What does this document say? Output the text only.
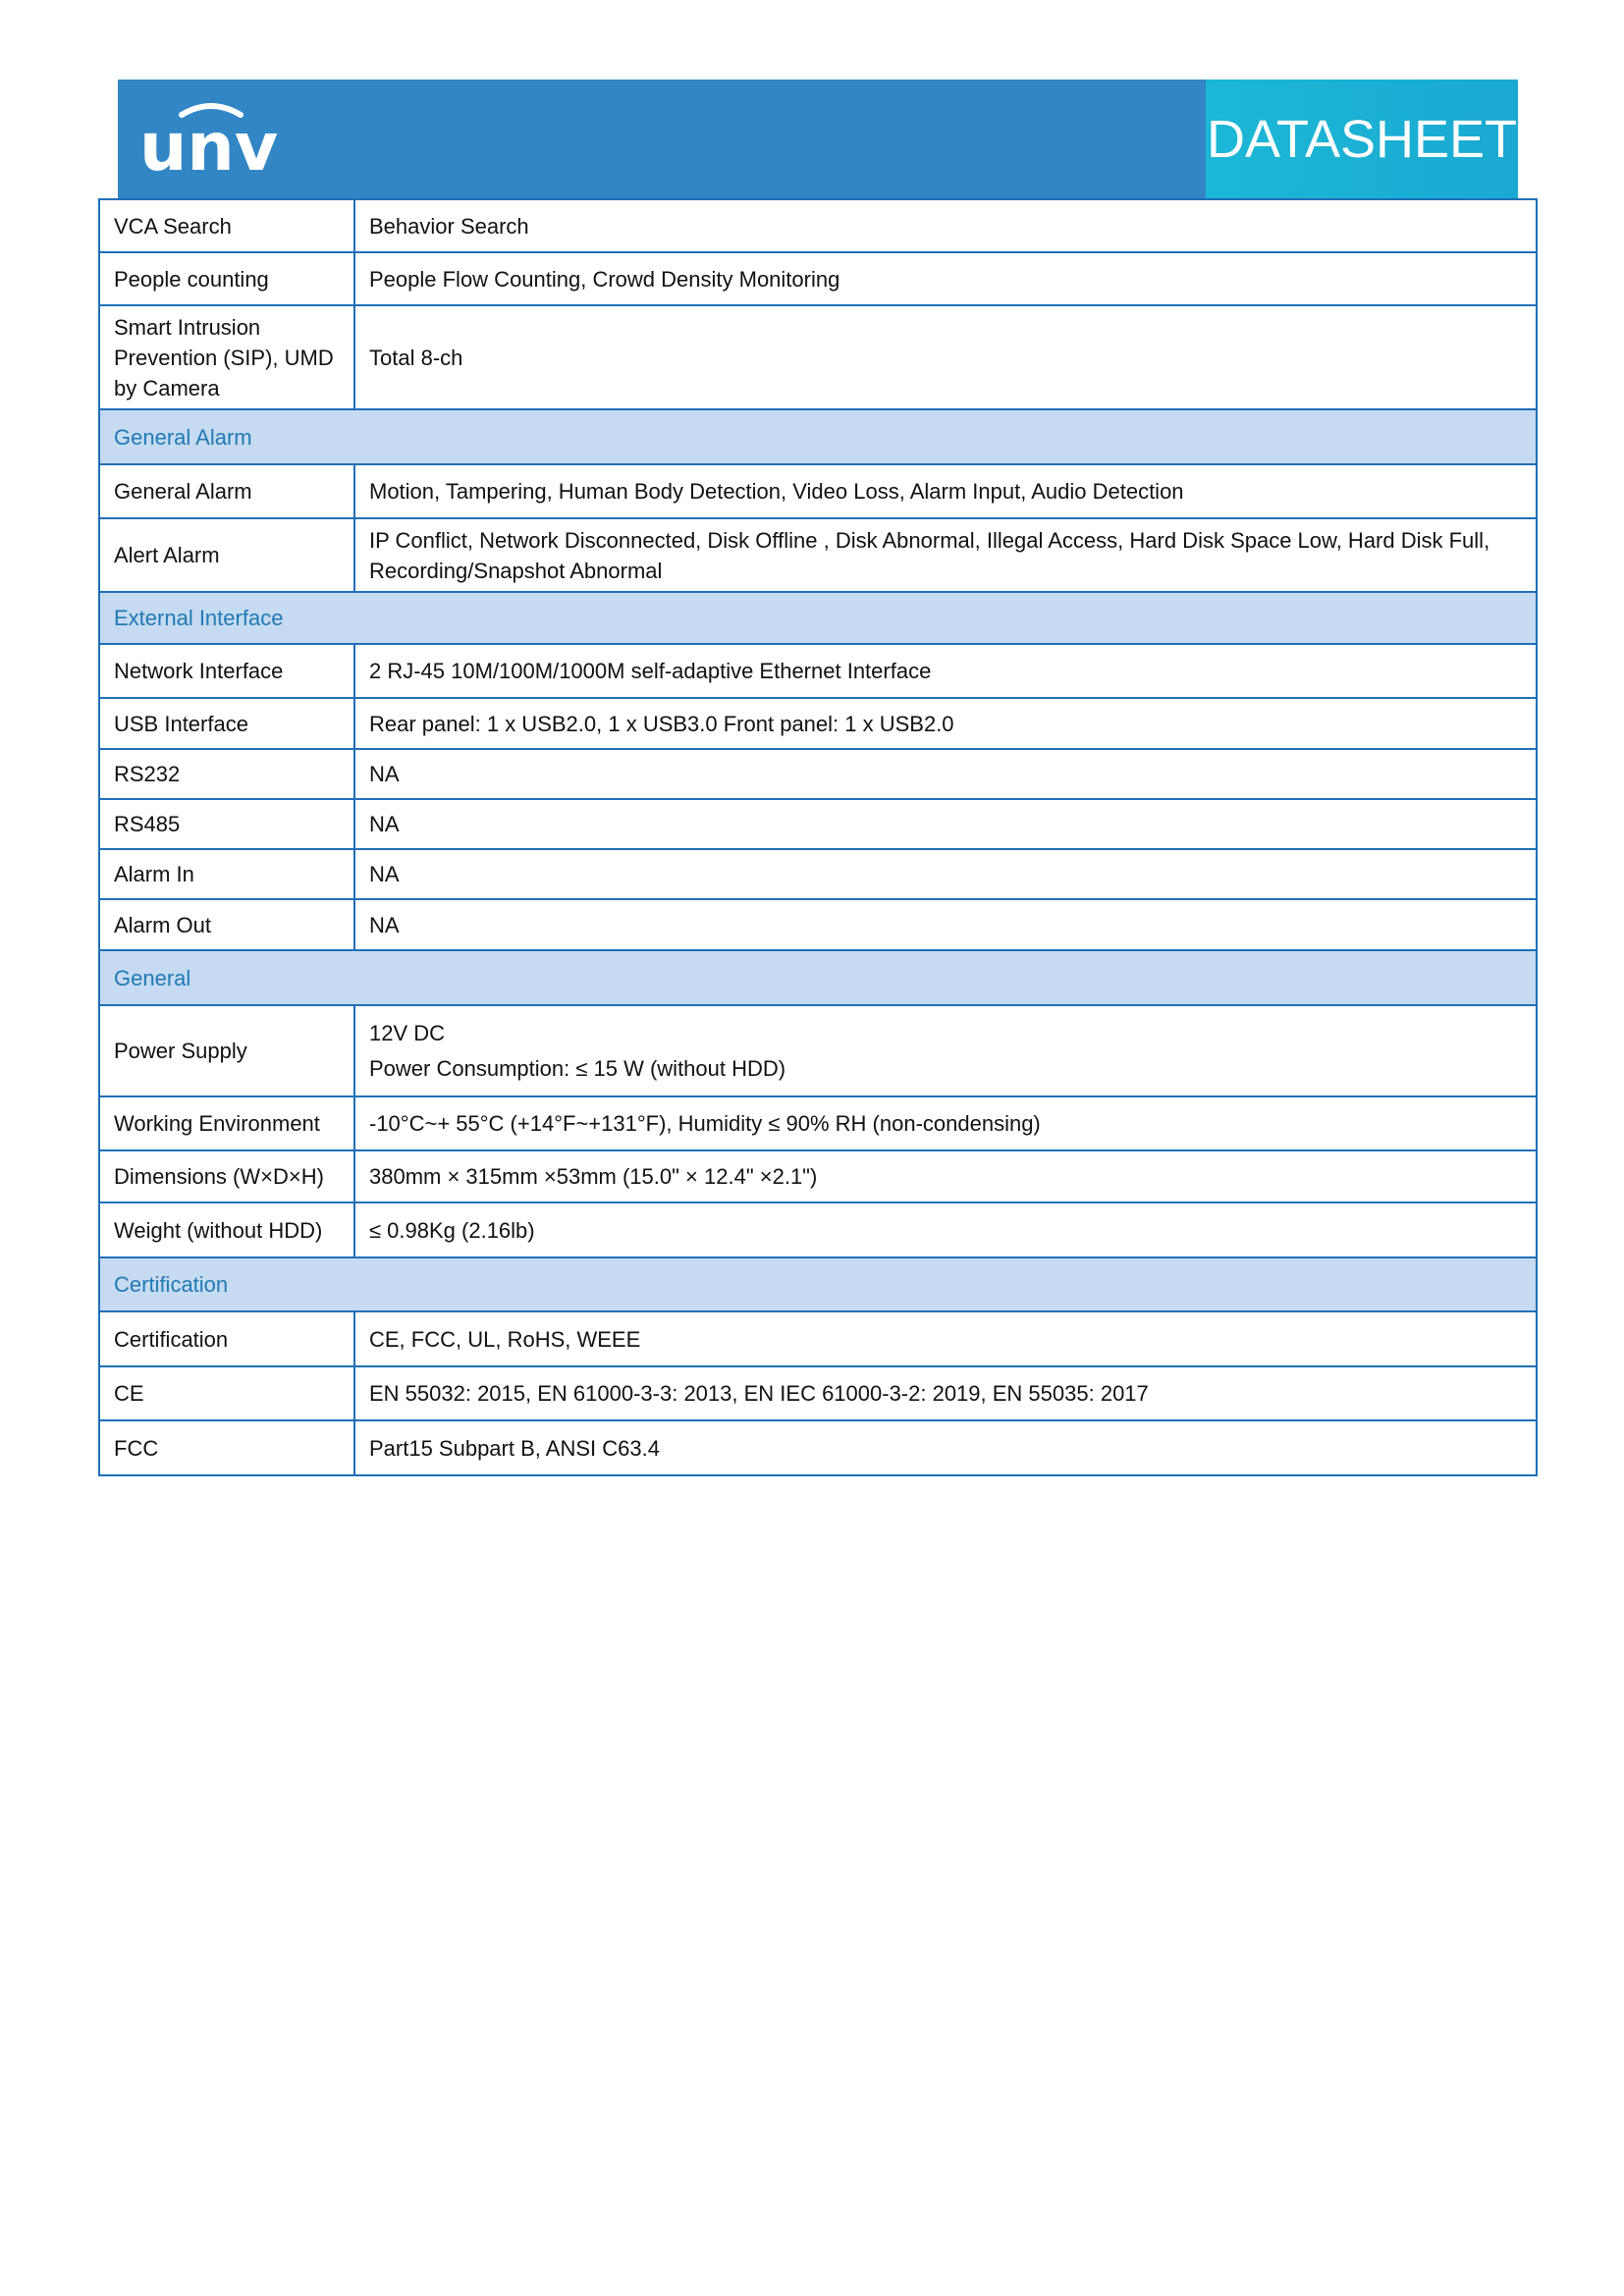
unv	DATASHEET
VCA Search	Behavior Search

People counting	People Flow Counting, Crowd Density Monitoring

Smart Intrusion Prevention (SIP), UMD by Camera	Total 8-ch

General Alarm	
General Alarm	Motion, Tampering, Human Body Detection, Video Loss, Alarm Input, Audio Detection

Alert Alarm	IP Conflict, Network Disconnected, Disk Offline , Disk Abnormal, Illegal Access, Hard Disk Space Low, Hard Disk Full, Recording/Snapshot Abnormal

External Interface	
Network Interface	2 RJ-45 10M/100M/1000M self-adaptive Ethernet Interface

USB Interface	Rear panel: 1 x USB2.0, 1 x USB3.0 Front panel: 1 x USB2.0

RS232	NA

RS485	NA

Alarm In	NA

Alarm Out	NA

General	
Power Supply	12V DC
Power Consumption: ≤ 15 W (without HDD)

Working Environment	-10°C~+ 55°C (+14°F~+131°F), Humidity ≤ 90% RH (non-condensing)

Dimensions (W×D×H)	380mm × 315mm ×53mm (15.0" × 12.4" ×2.1")

Weight (without HDD)	≤ 0.98Kg (2.16lb)

Certification	
Certification	CE, FCC, UL, RoHS, WEEE

CE	EN 55032: 2015, EN 61000-3-3: 2013, EN IEC 61000-3-2: 2019, EN 55035: 2017

FCC	Part15 Subpart B, ANSI C63.4
